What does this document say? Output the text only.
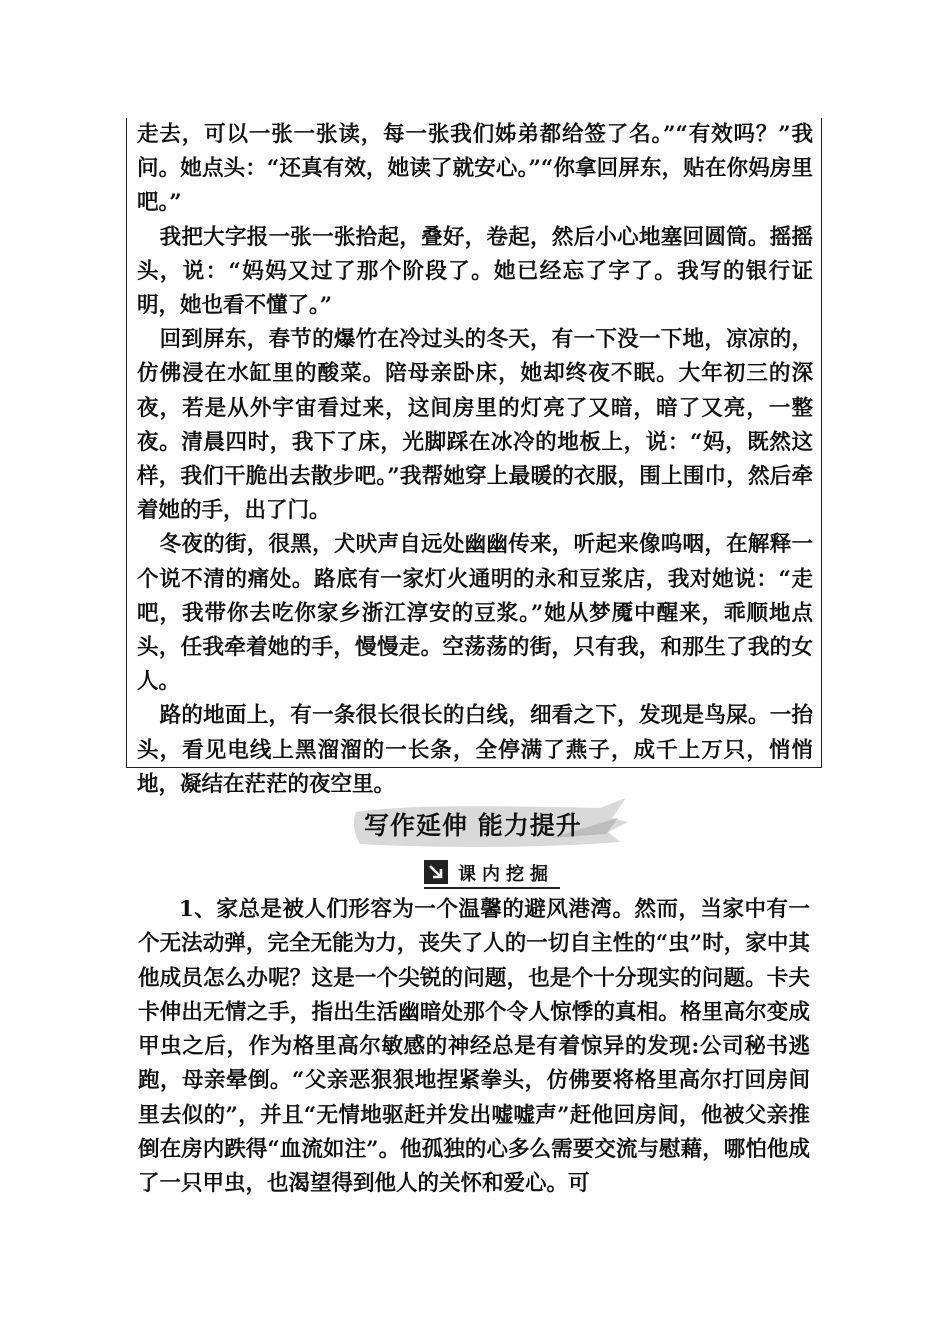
走去，可以一张一张读，每一张我们姊弟都给签了名。”“有效吗？”我问。她点头：“还真有效，她读了就安心。”“你拿回屏东，贴在你妈房里吧。”

我把大字报一张一张拾起，叠好，卷起，然后小心地塞回圆筒。摇摇头，说：“妈妈又过了那个阶段了。她已经忘了字了。我写的银行证明，她也看不懂了。”

回到屏东，春节的爆竹在冷过头的冬天，有一下没一下地，凉凉的，仿佛浸在水缸里的酸菜。陪母亲卧床，她却终夜不眠。大年初三的深夜，若是从外宇宙看过来，这间房里的灯亮了又暗，暗了又亮，一整夜。清晨四时，我下了床，光脚踩在冰冷的地板上，说：“妈，既然这样，我们干脆出去散步吧。”我帮她穿上最暖的衣服，围上围巾，然后牵着她的手，出了门。

冬夜的街，很黑，犬吠声自远处幽幽传来，听起来像呜咽，在解释一个说不清的痛处。路底有一家灯火通明的永和豆浆店，我对她说：“走吧，我带你去吃你家乡浙江淳安的豆浆。”她从梦魇中醒来，乖顺地点头，任我牵着她的手，慢慢走。空荡荡的街，只有我，和那生了我的女人。

路的地面上，有一条很长很长的白线，细看之下，发现是鸟屎。一抬头，看见电线上黑溜溜的一长条，全停满了燕子，成千上万只，悄悄地，凝结在茫茫的夜空里。

写作延伸 能力提升
课内挖掘

1、家总是被人们形容为一个温馨的避风港湾。然而，当家中有一个无法动弹，完全无能为力，丧失了人的一切自主性的“虫”时，家中其他成员怎么办呢？这是一个尖锐的问题，也是个十分现实的问题。卡夫卡伸出无情之手，指出生活幽暗处那个令人惊悸的真相。格里高尔变成甲虫之后，作为格里高尔敏感的神经总是有着惊异的发现:公司秘书逃跑，母亲晕倒。“父亲恶狠狠地捏紧拳头，仿佛要将格里高尔打回房间里去似的”，并且“无情地驱赶并发出嘘嘘声”赶他回房间，他被父亲推倒在房内跌得“血流如注”。他孤独的心多么需要交流与慰藉，哪怕他成了一只甲虫，也渴望得到他人的关怀和爱心。可
